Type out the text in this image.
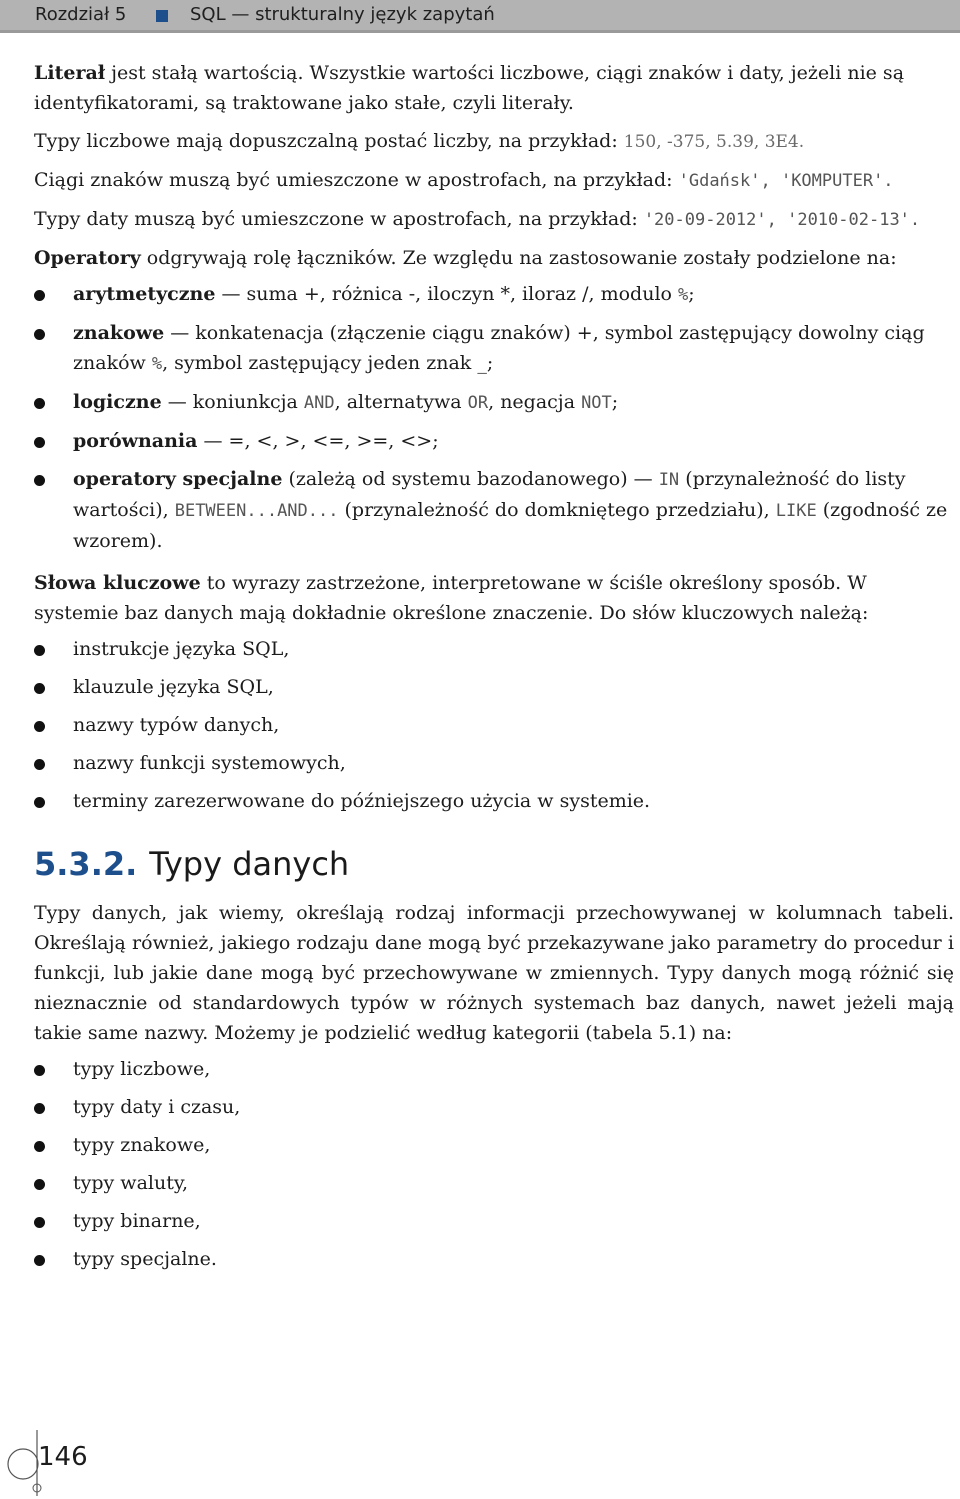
Rozdział 5	SQL — strukturalny język zapytań

Literał jest stałą wartością. Wszystkie wartości liczbowe, ciągi znaków i daty, jeżeli nie są identyfikatorami, są traktowane jako stałe, czyli literały.

Typy liczbowe mają dopuszczalną postać liczby, na przykład: 150, -375, 5.39, 3E4.

Ciągi znaków muszą być umieszczone w apostrofach, na przykład: 'Gdańsk', 'KOMPUTER'.

Typy daty muszą być umieszczone w apostrofach, na przykład: '20-09-2012', '2010-02-13'.

Operatory odgrywają rolę łączników. Ze względu na zastosowanie zostały podzielone na:

arytmetyczne — suma +, różnica -, iloczyn *, iloraz /, modulo %;
znakowe — konkatenacja (złączenie ciągu znaków) +, symbol zastępujący dowolny ciąg znaków %, symbol zastępujący jeden znak _;
logiczne — koniunkcja AND, alternatywa OR, negacja NOT;
porównania — =, <, >, <=, >=, <>;
operatory specjalne (zależą od systemu bazodanowego) — IN (przynależność do listy wartości), BETWEEN...AND... (przynależność do domkniętego przedziału), LIKE (zgodność ze wzorem).

Słowa kluczowe to wyrazy zastrzeżone, interpretowane w ściśle określony sposób. W systemie baz danych mają dokładnie określone znaczenie. Do słów kluczowych należą:

instrukcje języka SQL,
klauzule języka SQL,
nazwy typów danych,
nazwy funkcji systemowych,
terminy zarezerwowane do późniejszego użycia w systemie.
5.3.2. Typy danych

Typy danych, jak wiemy, określają rodzaj informacji przechowywanej w kolumnach tabeli. Określają również, jakiego rodzaju dane mogą być przekazywane jako parametry do procedur i funkcji, lub jakie dane mogą być przechowywane w zmiennych. Typy danych mogą różnić się nieznacznie od standardowych typów w różnych systemach baz danych, nawet jeżeli mają takie same nazwy. Możemy je podzielić według kategorii (tabela 5.1) na:

typy liczbowe,
typy daty i czasu,
typy znakowe,
typy waluty,
typy binarne,
typy specjalne.
146
